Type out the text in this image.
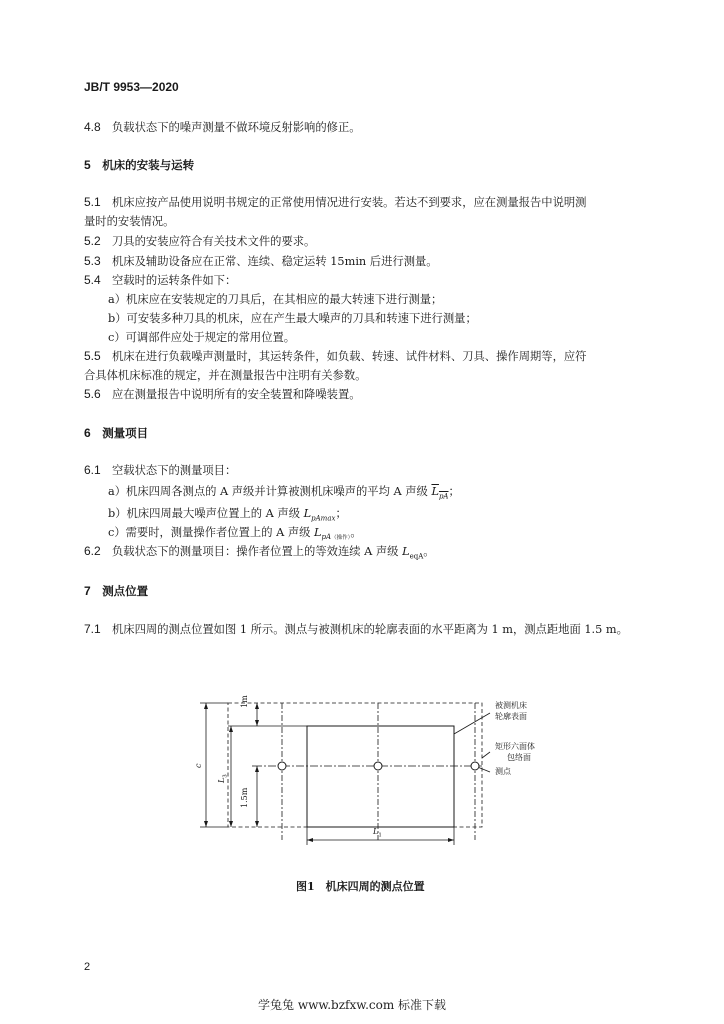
JB/T 9953—2020
4.8　 负载状态下的噪声测量不做环境反射影响的修正。
5　 机床的安装与运转
5.1　 机床应按产品使用说明书规定的正常使用情况进行安装。若达不到要求，应在测量报告中说明测
量时的安装情况。
5.2　 刀具的安装应符合有关技术文件的要求。
5.3　 机床及辅助设备应在正常、连续、稳定运转 15min 后进行测量。
5.4　 空载时的运转条件如下：
a）机床应在安装规定的刀具后，在其相应的最大转速下进行测量；
b）可安装多种刀具的机床，应在产生最大噪声的刀具和转速下进行测量；
c）可调部件应处于规定的常用位置。
5.5　 机床在进行负载噪声测量时，其运转条件，如负载、转速、试件材料、刀具、操作周期等，应符
合具体机床标准的规定，并在测量报告中注明有关参数。
5.6　 应在测量报告中说明所有的安全装置和降噪装置。
6　 测量项目
6.1　 空载状态下的测量项目：
a）机床四周各测点的 A 声级并计算被测机床噪声的平均 A 声级 $L_{pA}$；
b）机床四周最大噪声位置上的 A 声级 $L_{pAmax}$；
c）需要时，测量操作者位置上的 A 声级 $L_{pA(操作)}$。
6.2　 负载状态下的测量项目：操作者位置上的等效连续 A 声级 $L_{eqA}$。
7　 测点位置
7.1　 机床四周的测点位置如图 1 所示。测点与被测机床的轮廓表面的水平距离为 1 m，测点距地面 1.5 m。
被测机床
轮廓表面
矩形六面体
包络面
测点
1m
1.5m
c
$L_3$
$L_1$
图1　机床四周的测点位置
2
学兔兔 www.bzfxw.com 标准下载
